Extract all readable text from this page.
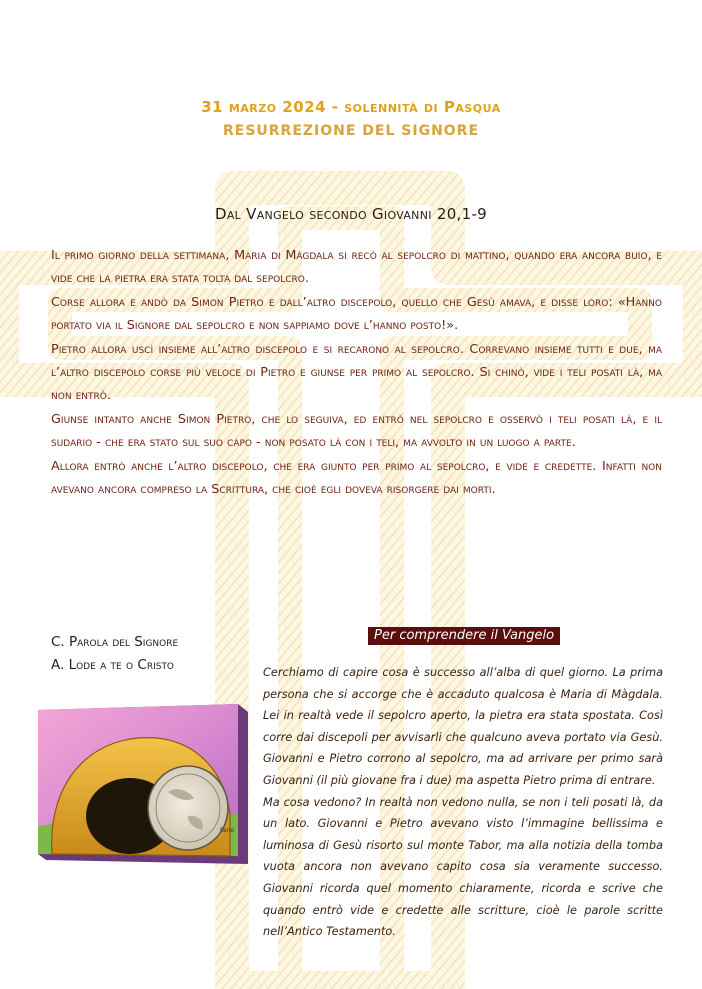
31 marzo 2024 - solennità di Pasqua
RESURREZIONE DEL SIGNORE
Dal Vangelo secondo Giovanni 20,1-9

Il primo giorno della settimana, Maria di Màgdala si recò al sepolcro di mattino, quando era ancora buio, e vide che la pietra era stata tolta dal sepolcro.

Corse allora e andò da Simon Pietro e dall’altro discepolo, quello che Gesù amava, e disse loro: «Hanno portato via il Signore dal sepolcro e non sappiamo dove l’hanno posto!».

Pietro allora uscì insieme all’altro discepolo e si recarono al sepolcro. Correvano insieme tutti e due, ma l’altro discepolo corse più veloce di Pietro e giunse per primo al sepolcro. Si chinò, vide i teli posati là, ma non entrò.

Giunse intanto anche Simon Pietro, che lo seguiva, ed entrò nel sepolcro e osservò i teli posati là, e il sudario - che era stato sul suo capo - non posato là con i teli, ma avvolto in un luogo a parte.

Allora entrò anche l’altro discepolo, che era giunto per primo al sepolcro, e vide e credette. Infatti non avevano ancora compreso la Scrittura, che cioè egli doveva risorgere dai morti.

C. Parola del Signore
A. Lode a te o Cristo
Per comprendere il Vangelo

Cerchiamo di capire cosa è successo all’alba di quel giorno. La prima persona che si accorge che è accaduto qualcosa è Maria di Màgdala. Lei in realtà vede il sepolcro aperto, la pietra era stata spostata. Così corre dai discepoli per avvisarli che qualcuno aveva portato via Gesù. Giovanni e Pietro corrono al sepolcro, ma ad arrivare per primo sarà Giovanni (il più giovane fra i due) ma aspetta Pietro prima di entrare.

Ma cosa vedono? In realtà non vedono nulla, se non i teli posati là, da un lato. Giovanni e Pietro avevano visto l’immagine bellissima e luminosa di Gesù risorto sul monte Tabor, ma alla notizia della tomba vuota ancora non avevano capito cosa sia veramente successo. Giovanni ricorda quel momento chiaramente, ricorda e scrive che quando entrò vide e credette alle scritture, cioè le parole scritte nell’Antico Testamento.

Fano
